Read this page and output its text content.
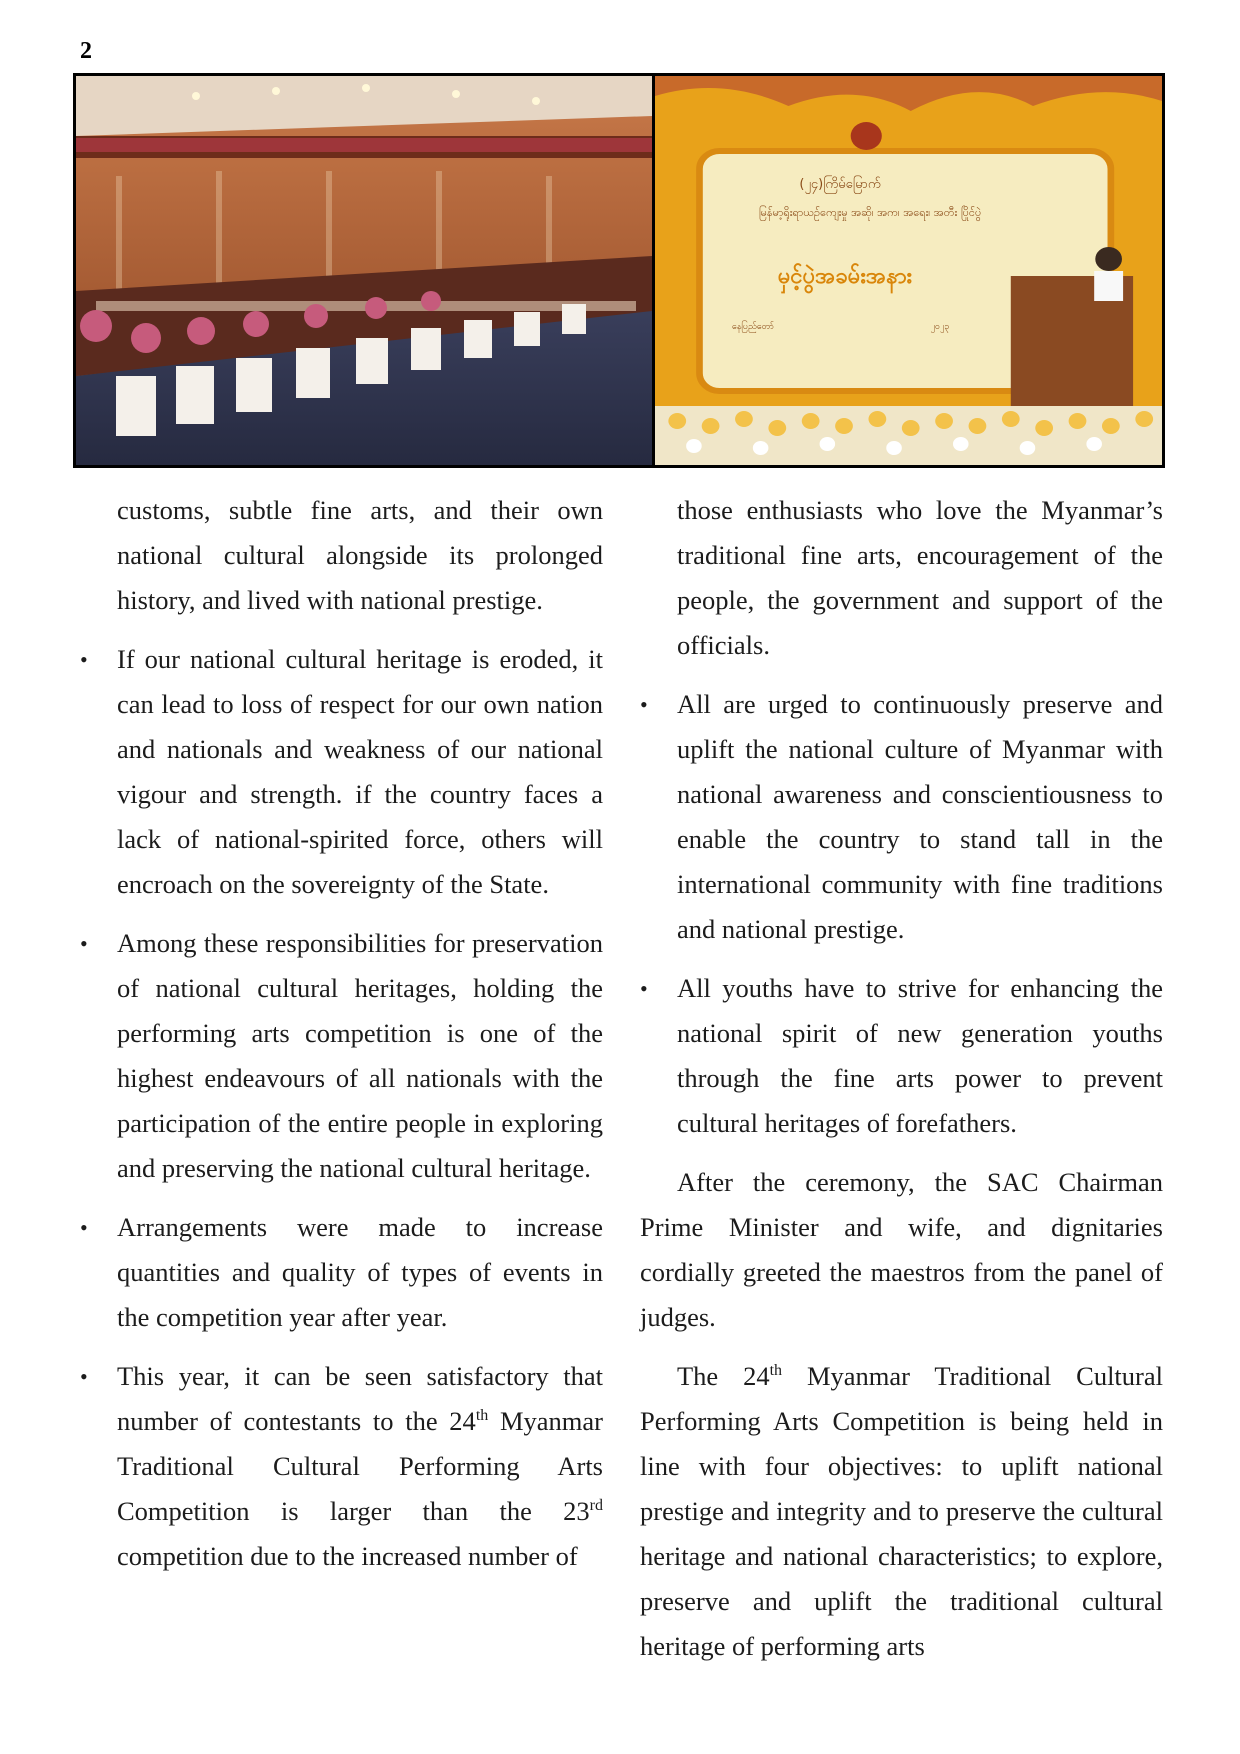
2
(၂၄)ကြိမ်မြောက်
မြန်မာ့ရိုးရာယဉ်ကျေးမှု အဆို၊ အက၊ အရေး၊ အတီး ပြိုင်ပွဲ
မှင့်ပွဲအခမ်းအနား
နေပြည်တော်	၂၀၂၃

customs, subtle fine arts, and their own national cultural alongside its prolonged history, and lived with national prestige.

•	If our national cultural heritage is eroded, it can lead to loss of respect for our own nation and nationals and weakness of our national vigour and strength. if the country faces a lack of national-spirited force, others will encroach on the sovereignty of the State.
•	Among these responsibilities for preservation of national cultural heritages, holding the performing arts competition is one of the highest endeavours of all nationals with the participation of the entire people in exploring and preserving the national cultural heritage.
•	Arrangements were made to increase quantities and quality of types of events in the competition year after year.
•	This year, it can be seen satisfactory that number of contestants to the 24th Myanmar Traditional Cultural Performing Arts Competition is larger than the 23rd competition due to the increased number of

those enthusiasts who love the Myanmar’s traditional fine arts, encouragement of the people, the government and support of the officials.

•	All are urged to continuously preserve and uplift the national culture of Myanmar with national awareness and conscientiousness to enable the country to stand tall in the international community with fine traditions and national prestige.
•	All youths have to strive for enhancing the national spirit of new generation youths through the fine arts power to prevent cultural heritages of forefathers.

After the ceremony, the SAC Chairman Prime Minister and wife, and dignitaries cordially greeted the maestros from the panel of judges.

The 24th Myanmar Traditional Cultural Performing Arts Competition is being held in line with four objectives: to uplift national prestige and integrity and to preserve the cultural heritage and national characteristics; to explore, preserve and uplift the traditional cultural heritage of performing arts
